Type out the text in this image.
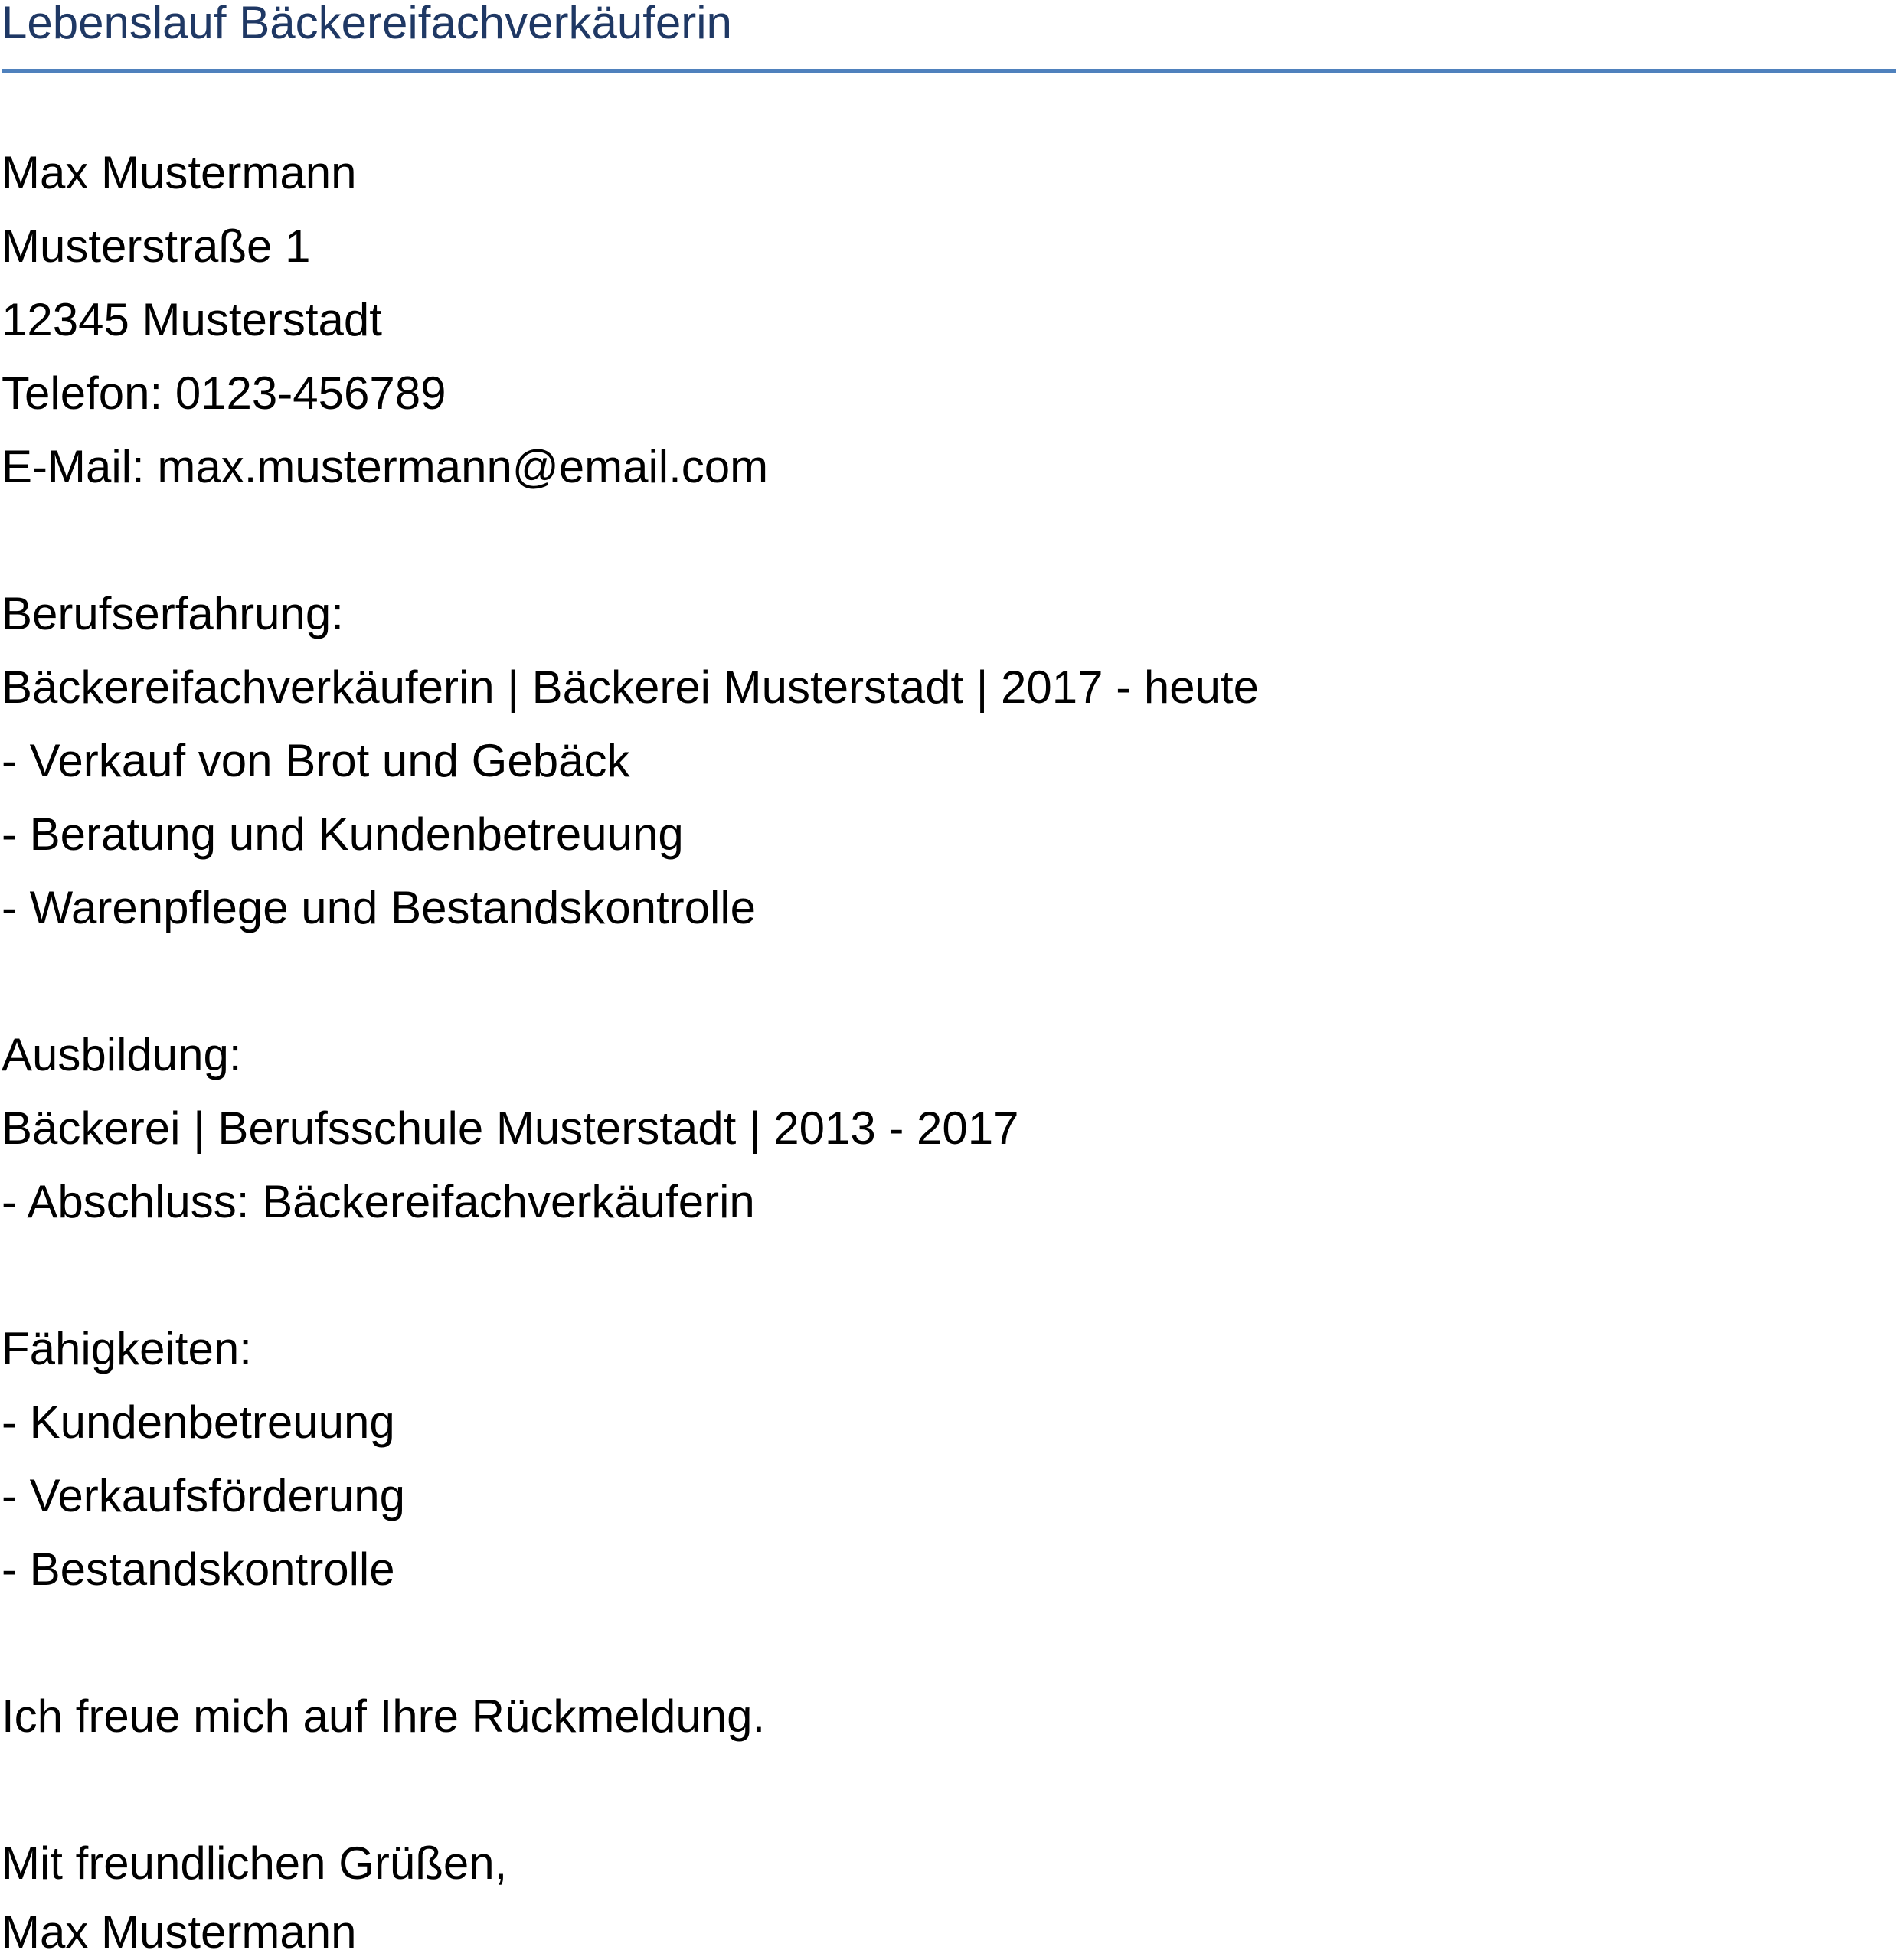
Lebenslauf Bäckereifachverkäuferin
Max Mustermann
Musterstraße 1
12345 Musterstadt
Telefon: 0123-456789
E-Mail: max.mustermann@email.com
Berufserfahrung:
Bäckereifachverkäuferin | Bäckerei Musterstadt | 2017 - heute
- Verkauf von Brot und Gebäck
- Beratung und Kundenbetreuung
- Warenpflege und Bestandskontrolle
Ausbildung:
Bäckerei | Berufsschule Musterstadt | 2013 - 2017
- Abschluss: Bäckereifachverkäuferin
Fähigkeiten:
- Kundenbetreuung
- Verkaufsförderung
- Bestandskontrolle
Ich freue mich auf Ihre Rückmeldung.
Mit freundlichen Grüßen,
Max Mustermann
